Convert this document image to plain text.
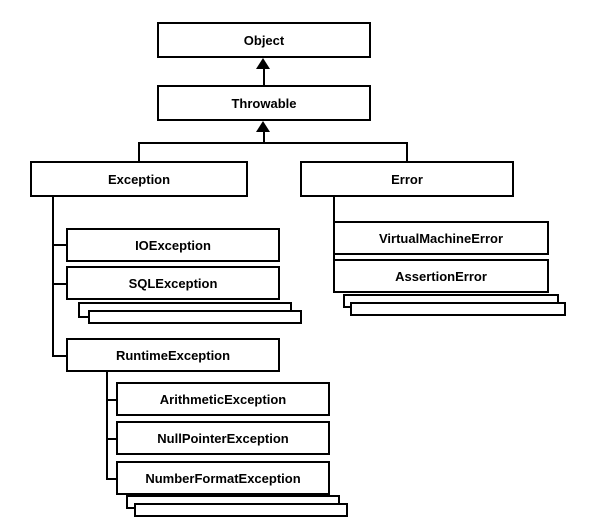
Object
Throwable
Exception	Error
VirtualMachineError
AssertionError
IOException
SQLException
RuntimeException
ArithmeticException
NullPointerException
NumberFormatException
